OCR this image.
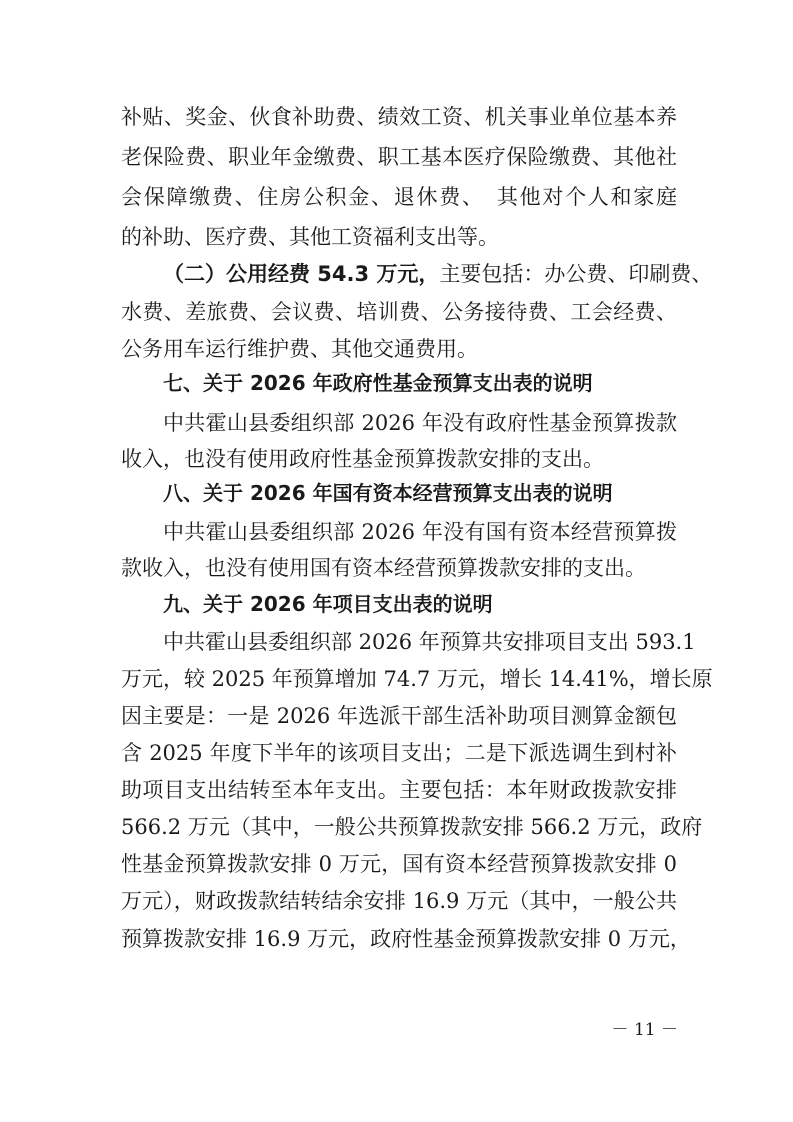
补贴、奖金、伙食补助费、绩效工资、机关事业单位基本养
老保险费、职业年金缴费、职工基本医疗保险缴费、其他社
会保障缴费、住房公积金、退休费、　其他对个人和家庭
的补助、医疗费、其他工资福利支出等。
（二）公用经费 54.3 万元，主要包括：办公费、印刷费、
水费、差旅费、会议费、培训费、公务接待费、工会经费、
公务用车运行维护费、其他交通费用。
七、关于 2026 年政府性基金预算支出表的说明
中共霍山县委组织部 2026 年没有政府性基金预算拨款
收入，也没有使用政府性基金预算拨款安排的支出。
八、关于 2026 年国有资本经营预算支出表的说明
中共霍山县委组织部 2026 年没有国有资本经营预算拨
款收入，也没有使用国有资本经营预算拨款安排的支出。
九、关于 2026 年项目支出表的说明
中共霍山县委组织部 2026 年预算共安排项目支出 593.1
万元，较 2025 年预算增加 74.7 万元，增长 14.41%，增长原
因主要是：一是 2026 年选派干部生活补助项目测算金额包
含 2025 年度下半年的该项目支出；二是下派选调生到村补
助项目支出结转至本年支出。主要包括：本年财政拨款安排
566.2 万元（其中，一般公共预算拨款安排 566.2 万元，政府
性基金预算拨款安排 0 万元，国有资本经营预算拨款安排 0
万元），财政拨款结转结余安排 16.9 万元（其中，一般公共
预算拨款安排 16.9 万元，政府性基金预算拨款安排 0 万元，
－ 11 －
